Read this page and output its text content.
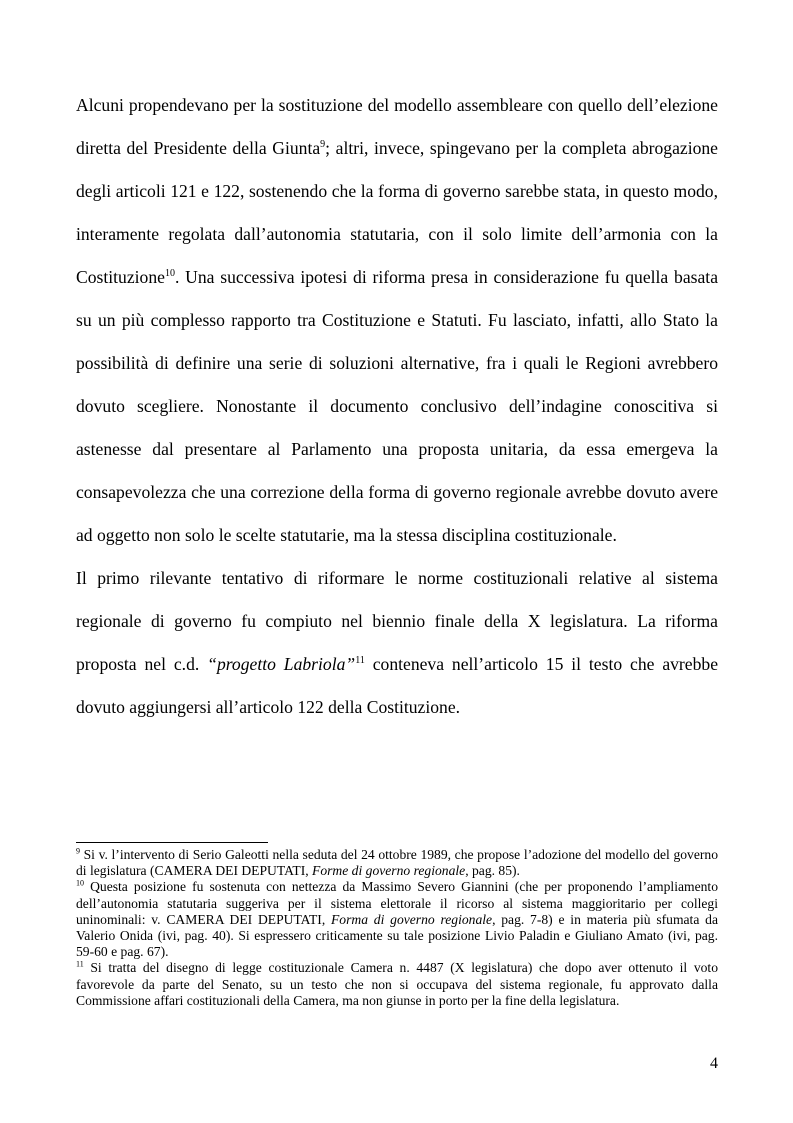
Alcuni propendevano per la sostituzione del modello assembleare con quello dell’elezione diretta del Presidente della Giunta$^9$; altri, invece, spingevano per la completa abrogazione degli articoli 121 e 122, sostenendo che la forma di governo sarebbe stata, in questo modo, interamente regolata dall’autonomia statutaria, con il solo limite dell’armonia con la Costituzione$^{10}$. Una successiva ipotesi di riforma presa in considerazione fu quella basata su un più complesso rapporto tra Costituzione e Statuti. Fu lasciato, infatti, allo Stato la possibilità di definire una serie di soluzioni alternative, fra i quali le Regioni avrebbero dovuto scegliere. Nonostante il documento conclusivo dell’indagine conoscitiva si astenesse dal presentare al Parlamento una proposta unitaria, da essa emergeva la consapevolezza che una correzione della forma di governo regionale avrebbe dovuto avere ad oggetto non solo le scelte statutarie, ma la stessa disciplina costituzionale.

Il primo rilevante tentativo di riformare le norme costituzionali relative al sistema regionale di governo fu compiuto nel biennio finale della X legislatura. La riforma proposta nel c.d. “progetto Labriola”$^{11}$ conteneva nell’articolo 15 il testo che avrebbe dovuto aggiungersi all’articolo 122 della Costituzione.

$^9$ Si v. l’intervento di Serio Galeotti nella seduta del 24 ottobre 1989, che propose l’adozione del modello del governo di legislatura (CAMERA DEI DEPUTATI, Forme di governo regionale, pag. 85).

$^{10}$ Questa posizione fu sostenuta con nettezza da Massimo Severo Giannini (che per proponendo l’ampliamento dell’autonomia statutaria suggeriva per il sistema elettorale il ricorso al sistema maggioritario per collegi uninominali: v. CAMERA DEI DEPUTATI, Forma di governo regionale, pag. 7-8) e in materia più sfumata da Valerio Onida (ivi, pag. 40). Si espressero criticamente su tale posizione Livio Paladin e Giuliano Amato (ivi, pag. 59-60 e pag. 67).

$^{11}$ Si tratta del disegno di legge costituzionale Camera n. 4487 (X legislatura) che dopo aver ottenuto il voto favorevole da parte del Senato, su un testo che non si occupava del sistema regionale, fu approvato dalla Commissione affari costituzionali della Camera, ma non giunse in porto per la fine della legislatura.

4
